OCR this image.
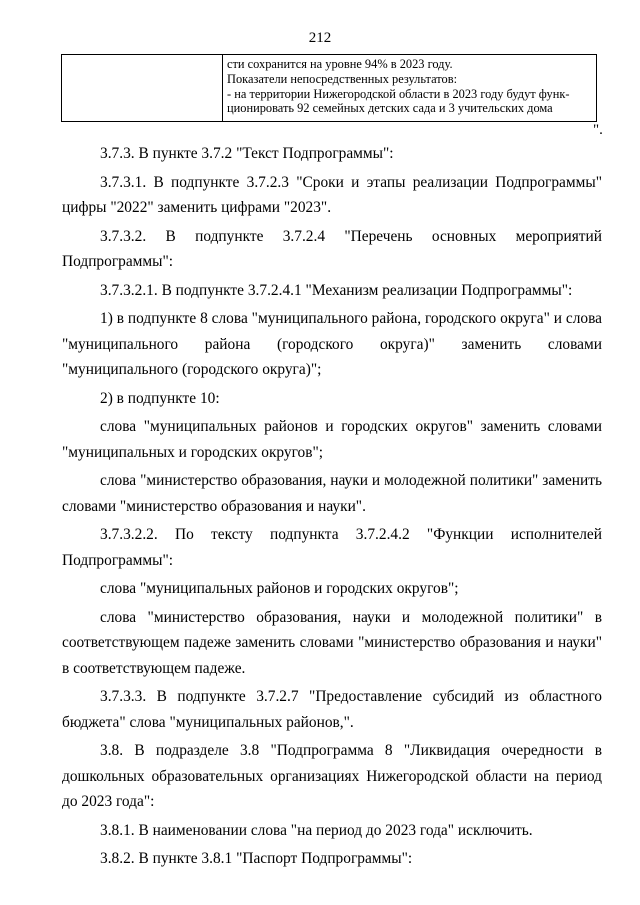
212

сти сохранится на уровне 94% в 2023 году.
Показатели непосредственных результатов:
- на территории Нижегородской области в 2023 году будут функ-
ционировать 92 семейных детских сада и 3 учительских дома
".

3.7.3. В пункте 3.7.2 "Текст Подпрограммы":

3.7.3.1. В подпункте 3.7.2.3 "Сроки и этапы реализации Подпрограммы" цифры "2022" заменить цифрами "2023".

3.7.3.2. В подпункте 3.7.2.4 "Перечень основных мероприятий Подпрограммы":

3.7.3.2.1. В подпункте 3.7.2.4.1 "Механизм реализации Подпрограммы":

1) в подпункте 8 слова "муниципального района, городского округа" и слова "муниципального района (городского округа)" заменить словами "муниципального (городского округа)";

2) в подпункте 10:

слова "муниципальных районов и городских округов" заменить словами "муниципальных и городских округов";

слова "министерство образования, науки и молодежной политики" заменить словами "министерство образования и науки".

3.7.3.2.2. По тексту подпункта 3.7.2.4.2 "Функции исполнителей Подпрограммы":

слова "муниципальных районов и городских округов";

слова "министерство образования, науки и молодежной политики" в соответствующем падеже заменить словами "министерство образования и науки" в соответствующем падеже.

3.7.3.3. В подпункте 3.7.2.7 "Предоставление субсидий из областного бюджета" слова "муниципальных районов,".

3.8. В подразделе 3.8 "Подпрограмма 8 "Ликвидация очередности в дошкольных образовательных организациях Нижегородской области на период до 2023 года":

3.8.1. В наименовании слова "на период до 2023 года" исключить.

3.8.2. В пункте 3.8.1 "Паспорт Подпрограммы":
